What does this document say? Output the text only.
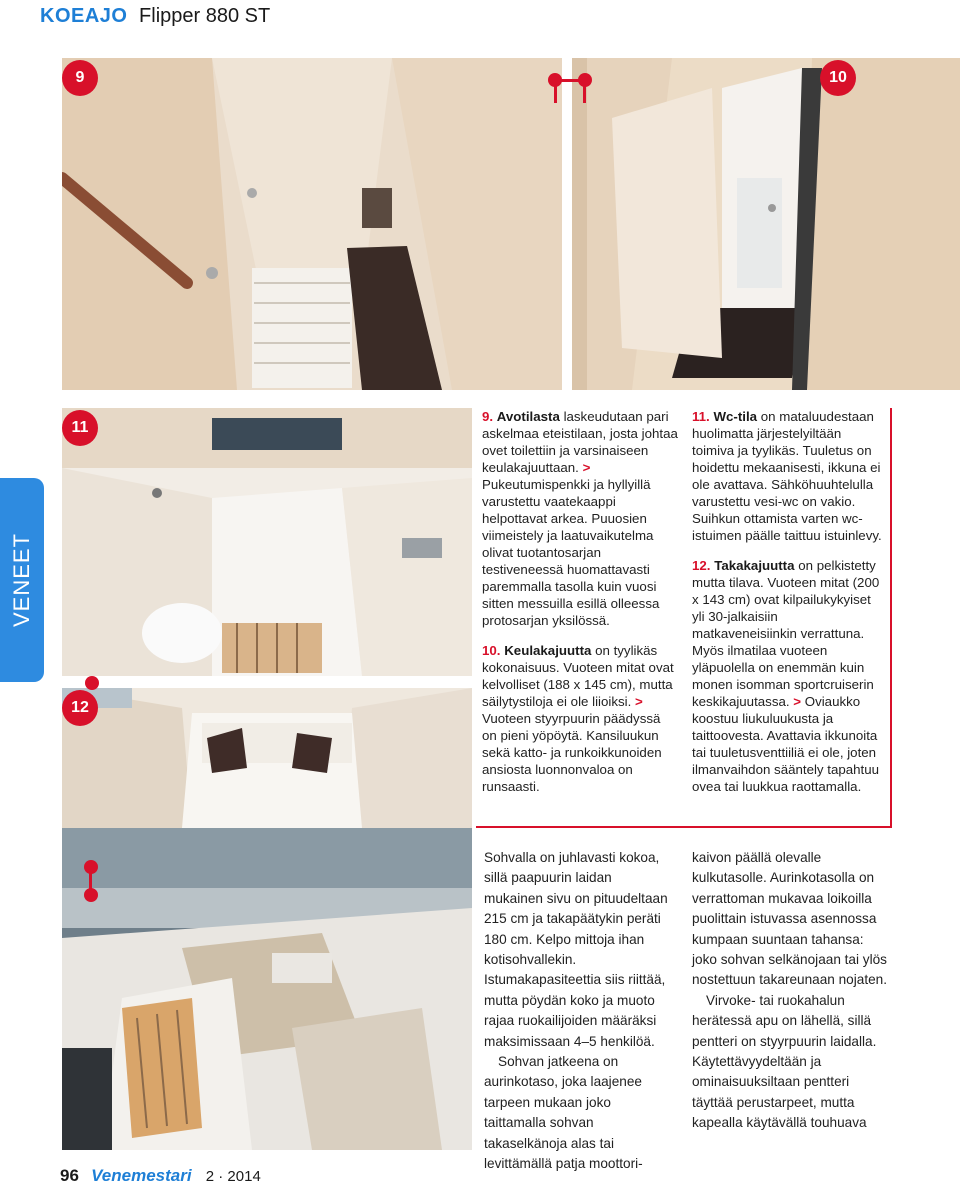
KOEAJO Flipper 880 ST
VENEET
9	10
11
12

9. Avotilasta laskeudutaan pari askelmaa eteistilaan, josta johtaa ovet toilettiin ja varsinaiseen keulakajuuttaan. > Pukeutumispenkki ja hyllyillä varustettu vaatekaappi helpottavat arkea. Puuosien viimeistely ja laatuvaikutelma olivat tuotantosarjan testiveneessä huomattavasti paremmalla tasolla kuin vuosi sitten messuilla esillä olleessa protosarjan yksilössä.

10. Keulakajuutta on tyylikäs kokonaisuus. Vuoteen mitat ovat kelvolliset (188 x 145 cm), mutta säilytystiloja ei ole liioiksi. > Vuoteen styyrpuurin päädyssä on pieni yöpöytä. Kansiluukun sekä katto- ja runkoikkunoiden ansiosta luonnonvaloa on runsaasti.

11. Wc-tila on mataluudestaan huolimatta järjestelyiltään toimiva ja tyylikäs. Tuuletus on hoidettu mekaanisesti, ikkuna ei ole avattava. Sähköhuuhtelulla varustettu vesi-wc on vakio. Suihkun ottamista varten wc-istuimen päälle taittuu istuinlevy.

12. Takakajuutta on pelkistetty mutta tilava. Vuoteen mitat (200 x 143 cm) ovat kilpailukykyiset yli 30-jalkaisiin matkaveneisiinkin verrattuna. Myös ilmatilaa vuoteen yläpuolella on enemmän kuin monen isomman sportcruiserin keskikajuutassa. > Oviaukko koostuu liukuluukusta ja taittoovesta. Avattavia ikkunoita tai tuuletusventtiiliä ei ole, joten ilmanvaihdon sääntely tapahtuu ovea tai luukkua raottamalla.

Sohvalla on juhlavasti kokoa, sillä paapuurin laidan mukainen sivu on pituudeltaan 215 cm ja takapäätykin peräti 180 cm. Kelpo mittoja ihan kotisohvallekin. Istumakapasiteettia siis riittää, mutta pöydän koko ja muoto rajaa ruokailijoiden määräksi maksimissaan 4–5 henkilöä.

Sohvan jatkeena on aurinkotaso, joka laajenee tarpeen mukaan joko taittamalla sohvan takaselkänoja alas tai levittämällä patja moottori-

kaivon päällä olevalle kulkutasolle. Aurinkotasolla on verrattoman mukavaa loikoilla puolittain istuvassa asennossa kumpaan suuntaan tahansa: joko sohvan selkänojaan tai ylös nostettuun takareunaan nojaten.

Virvoke- tai ruokahalun herätessä apu on lähellä, sillä pentteri on styyrpuurin laidalla. Käytettävyydeltään ja ominaisuuksiltaan pentteri täyttää perustarpeet, mutta kapealla käytävällä touhuava

96 Venemestari 2 · 2014
